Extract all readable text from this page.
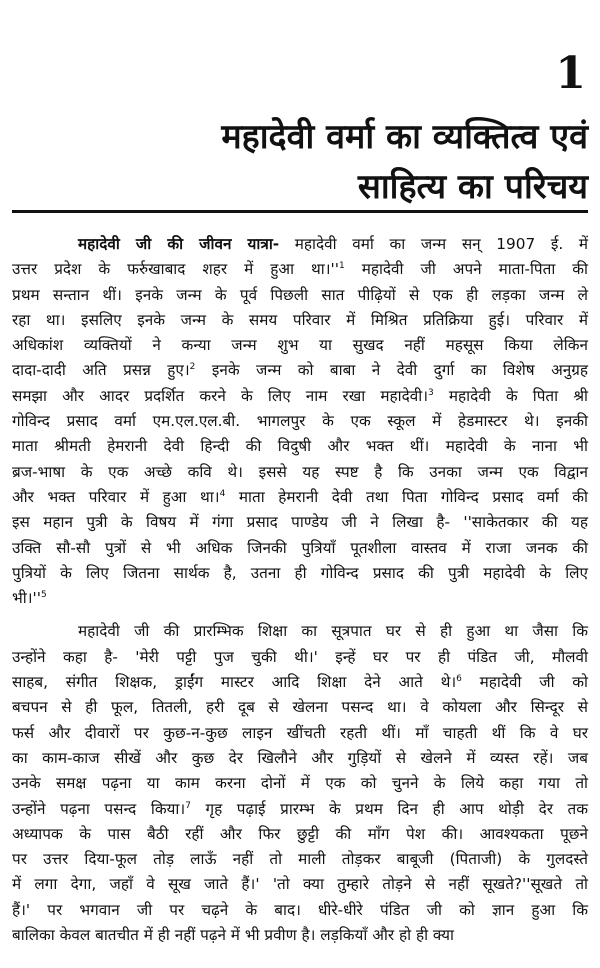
1
महादेवी वर्मा का व्यक्तित्व एवं
साहित्य का परिचय
महादेवी जी की जीवन यात्रा- महादेवी वर्मा का जन्म सन् 1907 ई. में
उत्तर प्रदेश के फर्रुखाबाद शहर में हुआ था।''$^1$ महादेवी जी अपने माता-पिता की
प्रथम सन्तान थीं। इनके जन्म के पूर्व पिछली सात पीढ़ियों से एक ही लड़का जन्म ले
रहा था। इसलिए इनके जन्म के समय परिवार में मिश्रित प्रतिक्रिया हुई। परिवार में
अधिकांश व्यक्तियों ने कन्या जन्म शुभ या सुखद नहीं महसूस किया लेकिन
दादा-दादी अति प्रसन्न हुए।$^2$ इनके जन्म को बाबा ने देवी दुर्गा का विशेष अनुग्रह
समझा और आदर प्रदर्शित करने के लिए नाम रखा महादेवी।$^3$ महादेवी के पिता श्री
गोविन्द प्रसाद वर्मा एम.एल.एल.बी. भागलपुर के एक स्कूल में हेडमास्टर थे। इनकी
माता श्रीमती हेमरानी देवी हिन्दी की विदुषी और भक्त थीं। महादेवी के नाना भी
ब्रज-भाषा के एक अच्छे कवि थे। इससे यह स्पष्ट है कि उनका जन्म एक विद्वान
और भक्त परिवार में हुआ था।$^4$ माता हेमरानी देवी तथा पिता गोविन्द प्रसाद वर्मा की
इस महान पुत्री के विषय में गंगा प्रसाद पाण्डेय जी ने लिखा है- ''साकेतकार की यह
उक्ति सौ-सौ पुत्रों से भी अधिक जिनकी पुत्रियाँ पूतशीला वास्तव में राजा जनक की
पुत्रियों के लिए जितना सार्थक है, उतना ही गोविन्द प्रसाद की पुत्री महादेवी के लिए
भी।''$^5$
महादेवी जी की प्रारम्भिक शिक्षा का सूत्रपात घर से ही हुआ था जैसा कि
उन्होंने कहा है- 'मेरी पट्टी पुज चुकी थी।' इन्हें घर पर ही पंडित जी, मौलवी
साहब, संगीत शिक्षक, ड्राईंग मास्टर आदि शिक्षा देने आते थे।$^6$ महादेवी जी को
बचपन से ही फूल, तितली, हरी दूब से खेलना पसन्द था। वे कोयला और सिन्दूर से
फर्स और दीवारों पर कुछ-न-कुछ लाइन खींचती रहती थीं। माँ चाहती थीं कि वे घर
का काम-काज सीखें और कुछ देर खिलौने और गुड़ियों से खेलने में व्यस्त रहें। जब
उनके समक्ष पढ़ना या काम करना दोनों में एक को चुनने के लिये कहा गया तो
उन्होंने पढ़ना पसन्द किया।$^7$ गृह पढ़ाई प्रारम्भ के प्रथम दिन ही आप थोड़ी देर तक
अध्यापक के पास बैठी रहीं और फिर छुट्टी की माँग पेश की। आवश्यकता पूछने
पर उत्तर दिया-फूल तोड़ लाऊँ नहीं तो माली तोड़कर बाबूजी (पिताजी) के गुलदस्ते
में लगा देगा, जहाँ वे सूख जाते हैं।' 'तो क्या तुम्हारे तोड़ने से नहीं सूखते?''सूखते तो
हैं।' पर भगवान जी पर चढ़ने के बाद। धीरे-धीरे पंडित जी को ज्ञान हुआ कि
बालिका केवल बातचीत में ही नहीं पढ़ने में भी प्रवीण है। लड़कियाँ और हो ही क्या
